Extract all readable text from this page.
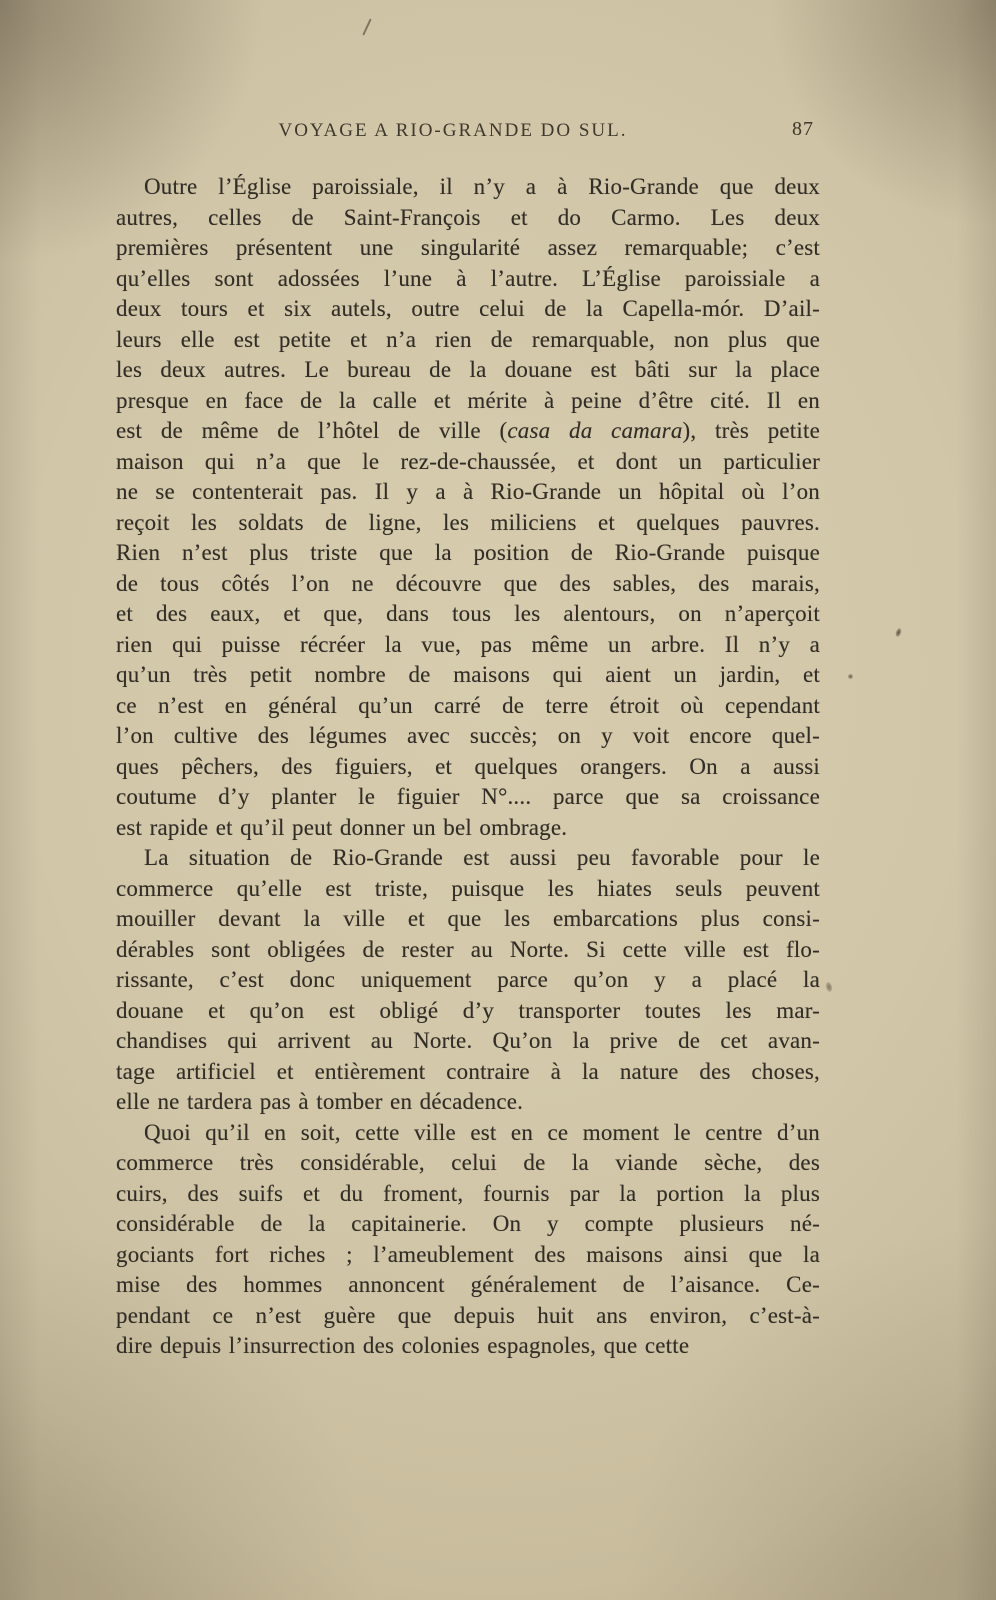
VOYAGE A RIO-GRANDE DO SUL.	87
Outre l’Église paroissiale, il n’y a à Rio-Grande que deux
autres, celles de Saint-François et do Carmo. Les deux
premières présentent une singularité assez remarquable; c’est
qu’elles sont adossées l’une à l’autre. L’Église paroissiale a
deux tours et six autels, outre celui de la Capella-mór. D’ail-
leurs elle est petite et n’a rien de remarquable, non plus que
les deux autres. Le bureau de la douane est bâti sur la place
presque en face de la calle et mérite à peine d’être cité. Il en
est de même de l’hôtel de ville (casa da camara), très petite
maison qui n’a que le rez-de-chaussée, et dont un particulier
ne se contenterait pas. Il y a à Rio-Grande un hôpital où l’on
reçoit les soldats de ligne, les miliciens et quelques pauvres.
Rien n’est plus triste que la position de Rio-Grande puisque
de tous côtés l’on ne découvre que des sables, des marais,
et des eaux, et que, dans tous les alentours, on n’aperçoit
rien qui puisse récréer la vue, pas même un arbre. Il n’y a
qu’un très petit nombre de maisons qui aient un jardin, et
ce n’est en général qu’un carré de terre étroit où cependant
l’on cultive des légumes avec succès; on y voit encore quel-
ques pêchers, des figuiers, et quelques orangers. On a aussi
coutume d’y planter le figuier N°.... parce que sa croissance
est rapide et qu’il peut donner un bel ombrage.
La situation de Rio-Grande est aussi peu favorable pour le
commerce qu’elle est triste, puisque les hiates seuls peuvent
mouiller devant la ville et que les embarcations plus consi-
dérables sont obligées de rester au Norte. Si cette ville est flo-
rissante, c’est donc uniquement parce qu’on y a placé la
douane et qu’on est obligé d’y transporter toutes les mar-
chandises qui arrivent au Norte. Qu’on la prive de cet avan-
tage artificiel et entièrement contraire à la nature des choses,
elle ne tardera pas à tomber en décadence.
Quoi qu’il en soit, cette ville est en ce moment le centre d’un
commerce très considérable, celui de la viande sèche, des
cuirs, des suifs et du froment, fournis par la portion la plus
considérable de la capitainerie. On y compte plusieurs né-
gociants fort riches ; l’ameublement des maisons ainsi que la
mise des hommes annoncent généralement de l’aisance. Ce-
pendant ce n’est guère que depuis huit ans environ, c’est-à-
dire depuis l’insurrection des colonies espagnoles, que cette
